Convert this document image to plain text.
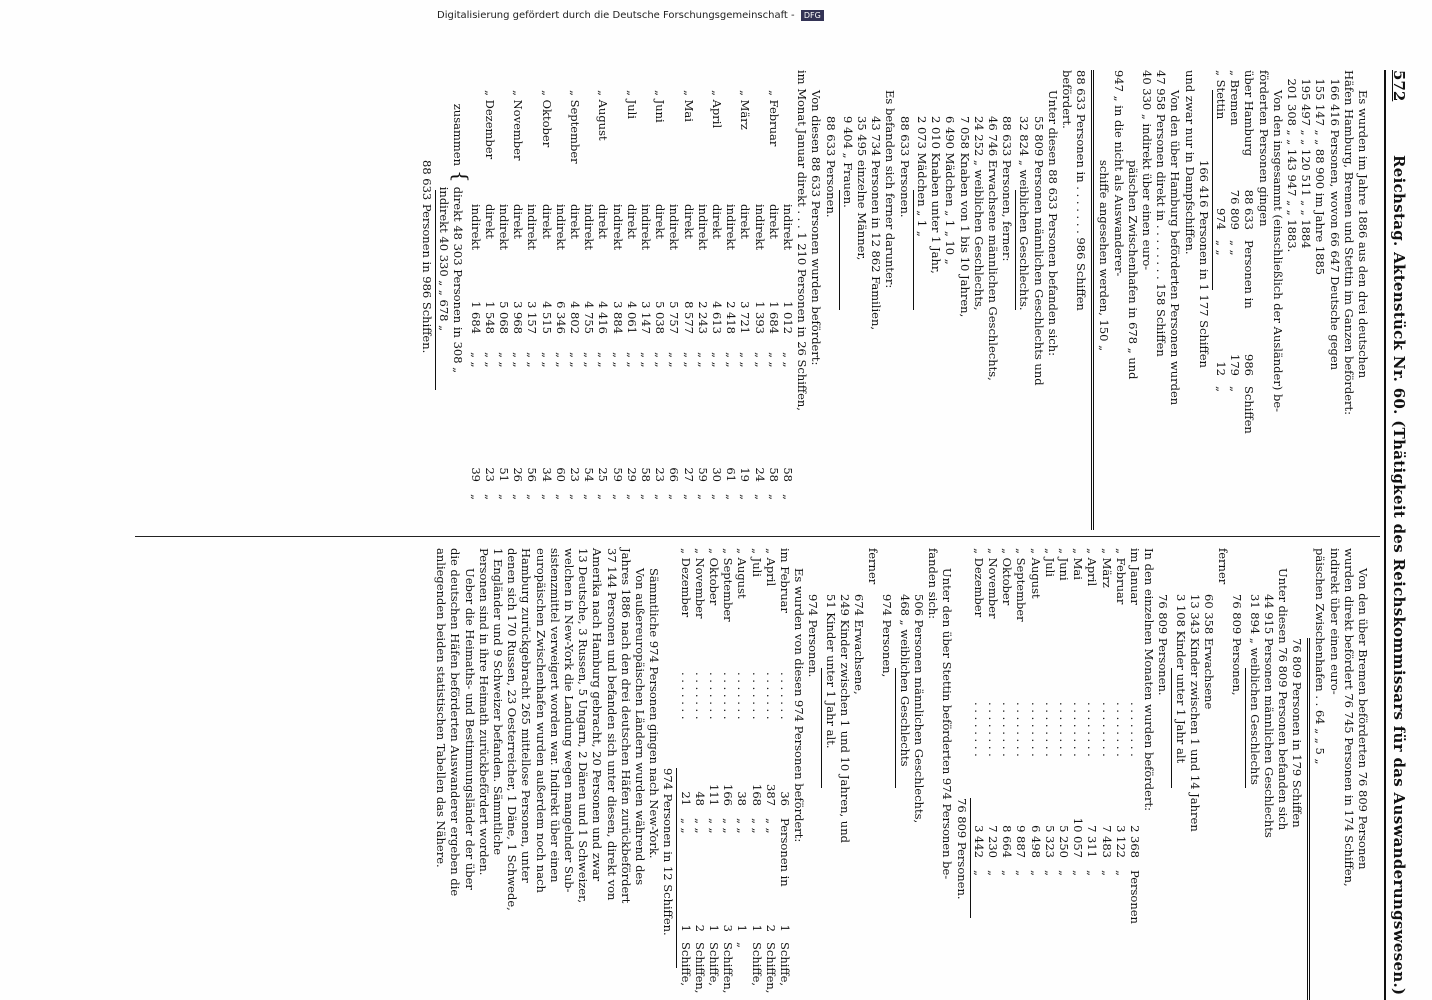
572
Reichstag. Aktenstück Nr. 60. (Thätigkeit des Reichskommissars für das Auswanderungswesen.)
Es wurden im Jahre 1886 aus den drei deutschen
Häfen Hamburg, Bremen und Stettin im Ganzen befördert:
166 416 Personen, wovon 66 647 Deutsche gegen
155 147 „ „ 88 900 im Jahre 1885
195 497 „ „ 120 511 „ „ 1884
201 308 „ „ 143 947 „ „ 1883.
Von den insgesammt (einschließlich der Ausländer) be-
förderten Personen gingen
über Hamburg	88 633	Personen in	986	Schiffen
„ Bremen	76 809	„ „	179	„
„ Stettin	974	„ „	12	„
166 416 Personen in 1 177 Schiffen
und zwar nur in Dampfschiffen.
Von den über Hamburg beförderten Personen wurden
47 958 Personen direkt in . . . . . . . . 158 Schiffen
40 330 „ indirekt über einen euro-
päischen Zwischenhafen in 678 „ und
947 „ in die nicht als Auswanderer-
schiffe angesehen werden, 150 „
88 633 Personen in . . . . . . . 986 Schiffen
befördert.
Unter diesen 88 633 Personen befanden sich:
55 809 Personen männlichen Geschlechts und
32 824 „ weiblichen Geschlechts.
88 633 Personen, ferner:
46 746 Erwachsene männlichen Geschlechts,
24 252 „ weiblichen Geschlechts,
7 058 Knaben von 1 bis 10 Jahren,
6 490 Mädchen „ 1 „ 10 „
2 010 Knaben unter 1 Jahr,
2 073 Mädchen „ 1 „
88 633 Personen.
Es befanden sich ferner darunter:
43 734 Personen in 12 862 Familien,
35 495 einzelne Männer,
9 404 „ Frauen.
88 633 Personen.
Von diesen 88 633 Personen wurden befördert:
im Monat Januar direkt . . . 1 210 Personen in 26 Schiffen,
	indirekt	1 012	„ „	58	„
„ Februar	direkt	1 684	„ „	58	„
	indirekt	1 393	„ „	24	„
„ März	direkt	3 721	„ „	19	„
	indirekt	2 418	„ „	61	„
„ April	direkt	4 613	„ „	30	„
	indirekt	2 243	„ „	59	„
„ Mai	direkt	8 577	„ „	27	„
	indirekt	5 757	„ „	66	„
„ Juni	direkt	5 038	„ „	23	„
	indirekt	3 147	„ „	58	„
„ Juli	direkt	4 061	„ „	29	„
	indirekt	3 884	„ „	59	„
„ August	direkt	4 416	„ „	25	„
	indirekt	4 755	„ „	54	„
„ September	direkt	4 802	„ „	23	„
	indirekt	6 346	„ „	60	„
„ Oktober	direkt	4 515	„ „	34	„
	indirekt	3 157	„ „	56	„
„ November	direkt	3 968	„ „	26	„
	indirekt	5 068	„ „	51	„
„ Dezember	direkt	1 548	„ „	23	„
	indirekt	1 684	„ „	39	„
zusammen	{	
direkt 48 303 Personen in 308 „
indirekt 40 330 „ „ 678 „
88 633 Personen in 986 Schiffen.
Von den über Bremen beförderten 76 809 Personen
wurden direkt befördert 76 745 Personen in 174 Schiffen,
indirekt über einen euro-
päischen Zwischenhafen . . 64 „ „ 5 „
76 809 Personen in 179 Schiffen
Unter diesen 76 809 Personen befanden sich
44 915 Personen männlichen Geschlechts
31 894 „ weiblichen Geschlechts
76 809 Personen,
ferner
60 358 Erwachsene
13 343 Kinder zwischen 1 und 14 Jahren
3 108 Kinder unter 1 Jahr alt
76 809 Personen.
In den einzelnen Monaten wurden befördert:
im Januar	. . . . . . . .	2 368	Personen
„ Februar	. . . . . . . .	3 122	„
„ März	. . . . . . . .	7 483	„
„ April	. . . . . . . .	7 311	„
„ Mai	. . . . . . . .	10 057	„
„ Juni	. . . . . . . .	5 250	„
„ Juli	. . . . . . . .	5 323	„
„ August	. . . . . . . .	6 498	„
„ September	. . . . . . . .	9 887	„
„ Oktober	. . . . . . . .	8 664	„
„ November	. . . . . . . .	7 230	„
„ Dezember	. . . . . . . .	3 442	„
76 809 Personen.
Unter den über Stettin beförderten 974 Personen be-
fanden sich:
506 Personen männlichen Geschlechts,
468 „ weiblichen Geschlechts
974 Personen,
ferner
674 Erwachsene,
249 Kinder zwischen 1 und 10 Jahren, und
51 Kinder unter 1 Jahr alt.
974 Personen.
Es wurden von diesen 974 Personen befördert:
im Februar	. . . . . . .	36	Personen in	1	Schiffe,
„ April	. . . . . . .	387	„ „	2	Schiffen,
„ Juli	. . . . . . .	168	„ „	1	Schiffe,
„ August	. . . . . . .	38	„ „	1	„
„ September	. . . . . . .	166	„ „	3	Schiffen,
„ Oktober	. . . . . . .	111	„ „	1	Schiffe,
„ November	. . . . . . .	48	„ „	2	Schiffen,
„ Dezember	. . . . . . .	21	„ „	1	Schiffe,
974 Personen in 12 Schiffen.
Sämmtliche 974 Personen gingen nach New-York.
Von außereuropäischen Ländern wurden während des
Jahres 1886 nach den drei deutschen Häfen zurückbefördert
37 144 Personen und befanden sich unter diesen, direkt von
Amerika nach Hamburg gebracht, 20 Personen und zwar
13 Deutsche, 3 Russen, 5 Ungarn, 2 Dänen und 1 Schweizer,
welchen in New-York die Landung wegen mangelnder Sub-
sistenzmittel verweigert worden war. Indirekt über einen
europäischen Zwischenhafen wurden außerdem noch nach
Hamburg zurückgebracht 265 mittellose Personen, unter
denen sich 170 Russen, 23 Oesterreicher, 1 Däne, 1 Schwede,
1 Engländer und 9 Schweizer befanden. Sämmtliche
Personen sind in ihre Heimath zurückbefördert worden.
Ueber die Heimaths- und Bestimmungsländer der über
die deutschen Häfen beförderten Auswanderer ergeben die
anliegenden beiden statistischen Tabellen das Nähere.
Digitalisierung gefördert durch die Deutsche Forschungsgemeinschaft - DFG
